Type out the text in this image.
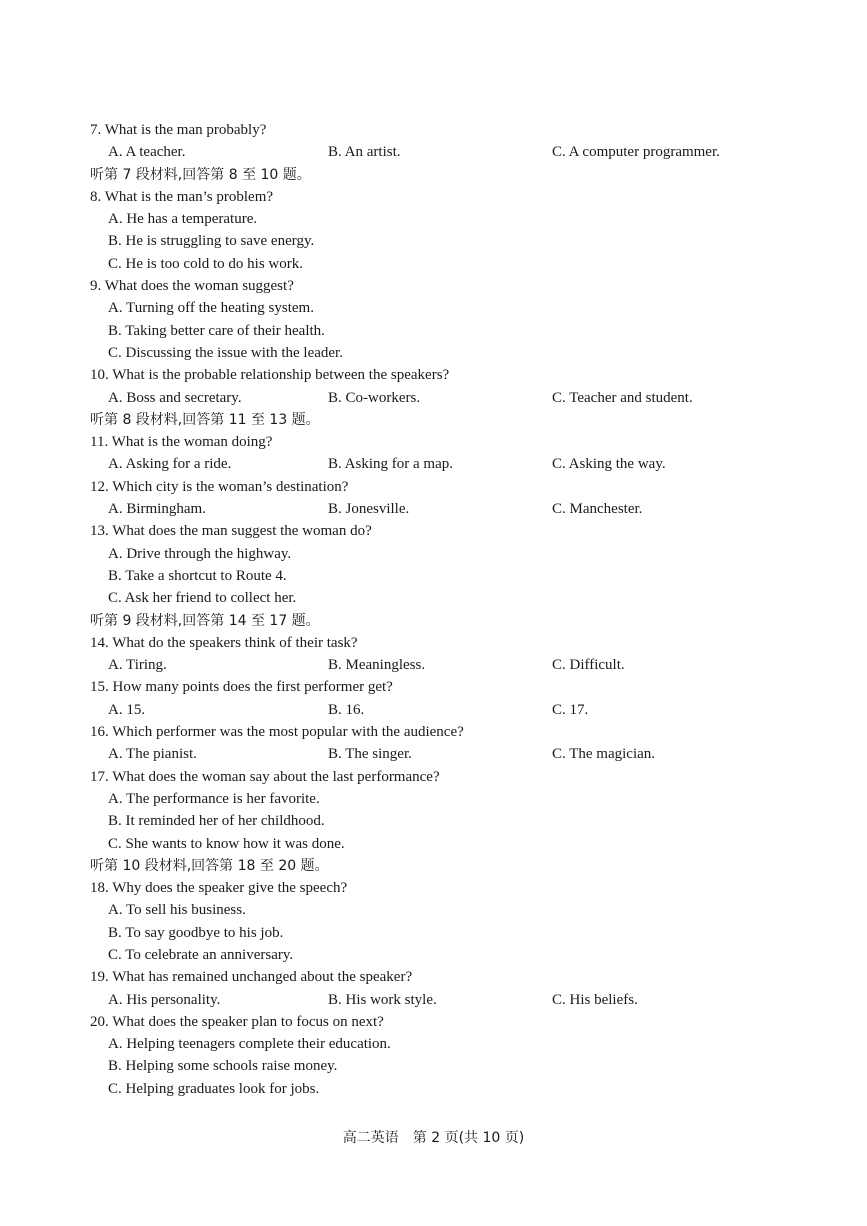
7. What is the man probably?
A. A teacher.	B. An artist.	C. A computer programmer.
听第 7 段材料,回答第 8 至 10 题。
8. What is the man’s problem?
A. He has a temperature.
B. He is struggling to save energy.
C. He is too cold to do his work.
9. What does the woman suggest?
A. Turning off the heating system.
B. Taking better care of their health.
C. Discussing the issue with the leader.
10. What is the probable relationship between the speakers?
A. Boss and secretary.	B. Co-workers.	C. Teacher and student.
听第 8 段材料,回答第 11 至 13 题。
11. What is the woman doing?
A. Asking for a ride.	B. Asking for a map.	C. Asking the way.
12. Which city is the woman’s destination?
A. Birmingham.	B. Jonesville.	C. Manchester.
13. What does the man suggest the woman do?
A. Drive through the highway.
B. Take a shortcut to Route 4.
C. Ask her friend to collect her.
听第 9 段材料,回答第 14 至 17 题。
14. What do the speakers think of their task?
A. Tiring.	B. Meaningless.	C. Difficult.
15. How many points does the first performer get?
A. 15.	B. 16.	C. 17.
16. Which performer was the most popular with the audience?
A. The pianist.	B. The singer.	C. The magician.
17. What does the woman say about the last performance?
A. The performance is her favorite.
B. It reminded her of her childhood.
C. She wants to know how it was done.
听第 10 段材料,回答第 18 至 20 题。
18. Why does the speaker give the speech?
A. To sell his business.
B. To say goodbye to his job.
C. To celebrate an anniversary.
19. What has remained unchanged about the speaker?
A. His personality.	B. His work style.	C. His beliefs.
20. What does the speaker plan to focus on next?
A. Helping teenagers complete their education.
B. Helping some schools raise money.
C. Helping graduates look for jobs.
高二英语　第 2 页(共 10 页)
